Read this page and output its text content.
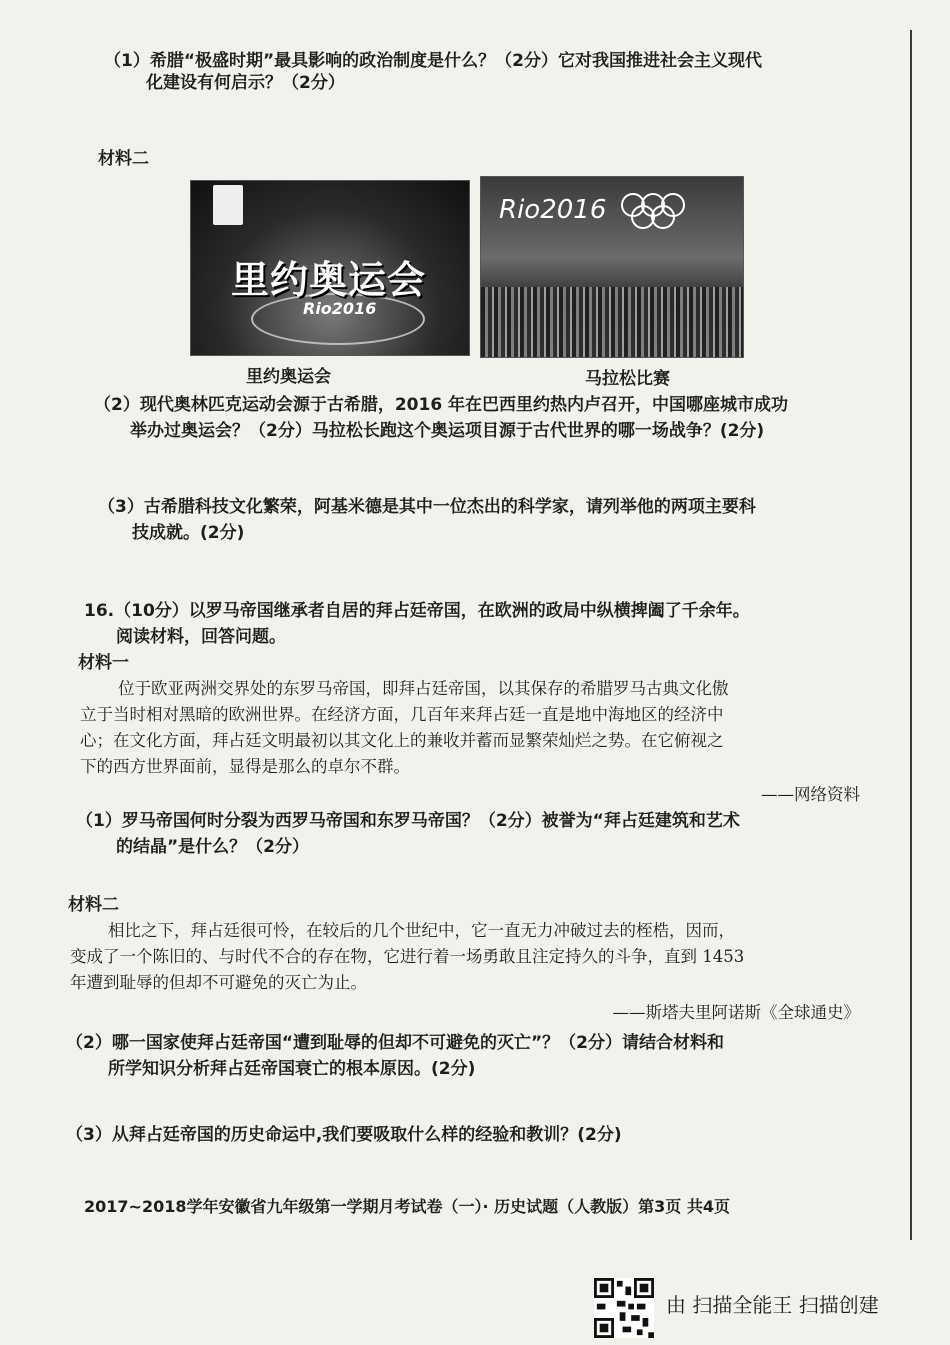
（1）希腊“极盛时期”最具影响的政治制度是什么？（2分）它对我国推进社会主义现代
化建设有何启示？（2分）
材料二
里约奥运会
Rio2016
Rio2016
里约奥运会	马拉松比赛
（2）现代奥林匹克运动会源于古希腊，2016 年在巴西里约热内卢召开，中国哪座城市成功
举办过奥运会？（2分）马拉松长跑这个奥运项目源于古代世界的哪一场战争？(2分)
（3）古希腊科技文化繁荣，阿基米德是其中一位杰出的科学家，请列举他的两项主要科
技成就。(2分)
16.（10分）以罗马帝国继承者自居的拜占廷帝国，在欧洲的政局中纵横捭阖了千余年。
阅读材料，回答问题。
材料一
位于欧亚两洲交界处的东罗马帝国，即拜占廷帝国，以其保存的希腊罗马古典文化傲
立于当时相对黑暗的欧洲世界。在经济方面，几百年来拜占廷一直是地中海地区的经济中
心；在文化方面，拜占廷文明最初以其文化上的兼收并蓄而显繁荣灿烂之势。在它俯视之
下的西方世界面前，显得是那么的卓尔不群。
——网络资料
（1）罗马帝国何时分裂为西罗马帝国和东罗马帝国？（2分）被誉为“拜占廷建筑和艺术
的结晶”是什么？（2分）
材料二
相比之下，拜占廷很可怜，在较后的几个世纪中，它一直无力冲破过去的桎梏，因而，
变成了一个陈旧的、与时代不合的存在物，它进行着一场勇敢且注定持久的斗争，直到 1453
年遭到耻辱的但却不可避免的灭亡为止。
——斯塔夫里阿诺斯《全球通史》
（2）哪一国家使拜占廷帝国“遭到耻辱的但却不可避免的灭亡”？（2分）请结合材料和
所学知识分析拜占廷帝国衰亡的根本原因。(2分)
（3）从拜占廷帝国的历史命运中,我们要吸取什么样的经验和教训？(2分)
2017~2018学年安徽省九年级第一学期月考试卷（一）· 历史试题（人教版）第3页 共4页
由 扫描全能王 扫描创建
